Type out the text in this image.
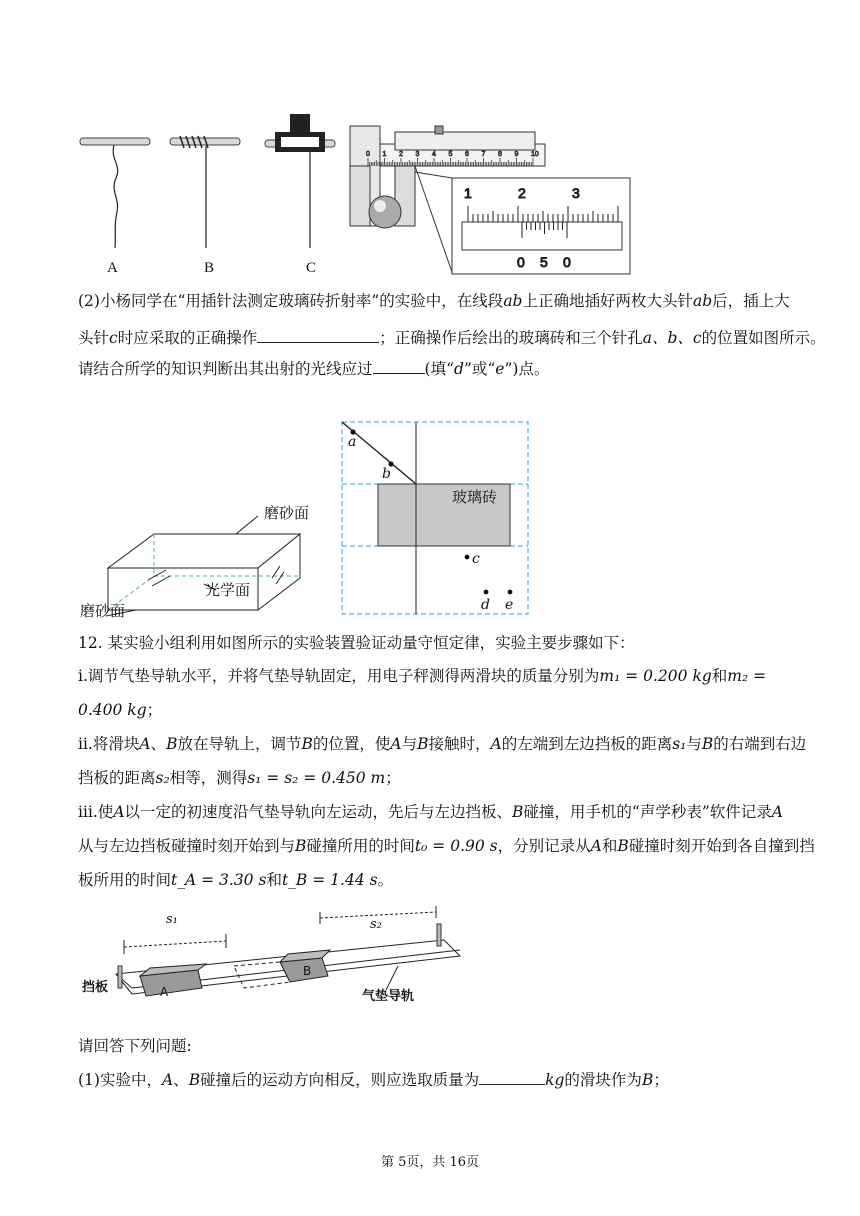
0 1 2 3 4 5 6 7 8 9 10
1	2	3
0 5 0
A	B	C
(2)小杨同学在“用插针法测定玻璃砖折射率”的实验中，在线段ab上正确地插好两枚大头针ab后，插上大
头针c时应采取的正确操作	；正确操作后绘出的玻璃砖和三个针孔a、b、c的位置如图所示。
请结合所学的知识判断出其出射的光线应过	(填“d”或“e”)点。
磨砂面
光学面
磨砂面
a
b
c
d e
玻璃砖
12. 某实验小组利用如图所示的实验装置验证动量守恒定律，实验主要步骤如下：
ⅰ.调节气垫导轨水平，并将气垫导轨固定，用电子秤测得两滑块的质量分别为m₁ = 0.200 kg和m₂ =
0.400 kg；
ⅱ.将滑块A、B放在导轨上，调节B的位置，使A与B接触时，A的左端到左边挡板的距离s₁与B的右端到右边
挡板的距离s₂相等，测得s₁ = s₂ = 0.450 m；
ⅲ.使A以一定的初速度沿气垫导轨向左运动，先后与左边挡板、B碰撞，用手机的“声学秒表”软件记录A
从与左边挡板碰撞时刻开始到与B碰撞所用的时间t₀ = 0.90 s，分别记录从A和B碰撞时刻开始到各自撞到挡
板所用的时间t_A = 3.30 s和t_B = 1.44 s。
s₁	s₂
挡板	A
B
气垫导轨
请回答下列问题:
(1)实验中，A、B碰撞后的运动方向相反，则应选取质量为	kg的滑块作为B；
第 5页，共 16页
